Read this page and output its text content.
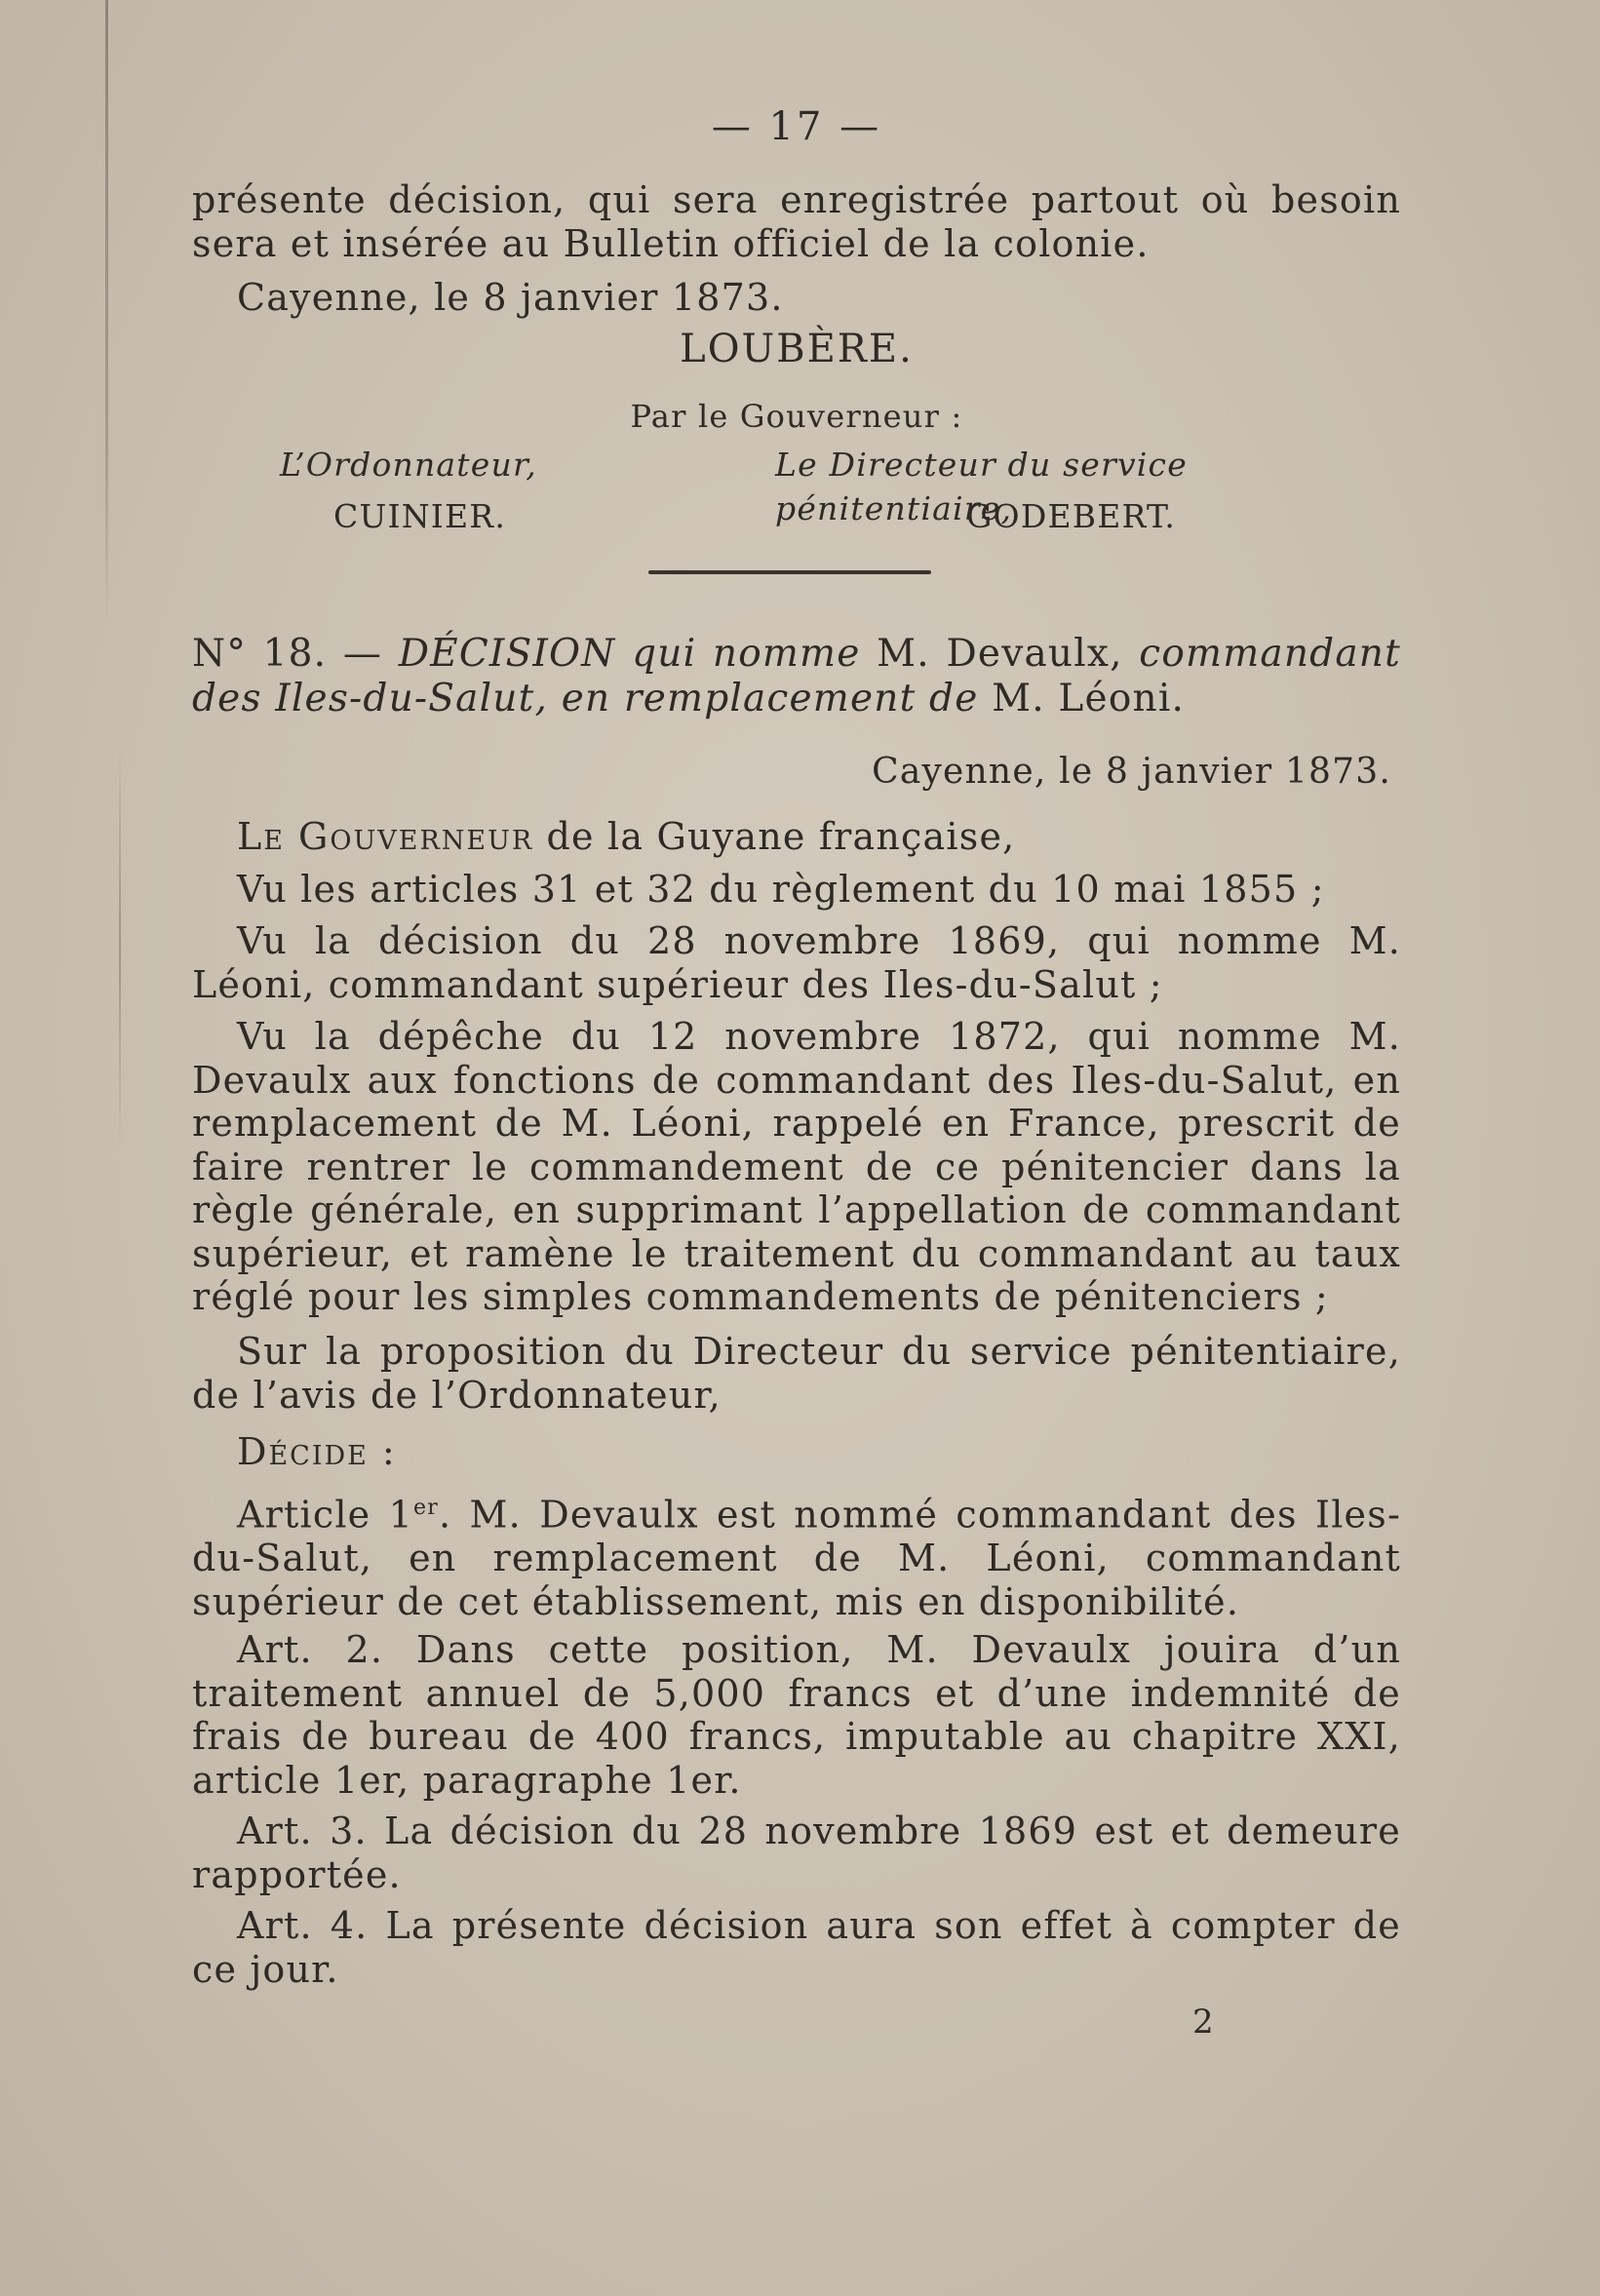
— 17 —
présente décision, qui sera enregistrée partout où besoin sera et insérée au Bulletin officiel de la colonie.
Cayenne, le 8 janvier 1873.
LOUBÈRE.
Par le Gouverneur :
L’Ordonnateur,
CUINIER.
Le Directeur du service pénitentiaire,
GODEBERT.
N° 18. — DÉCISION qui nomme M. Devaulx, commandant des Iles-du-Salut, en remplacement de M. Léoni.
Cayenne, le 8 janvier 1873.
Le Gouverneur de la Guyane française,
Vu les articles 31 et 32 du règlement du 10 mai 1855 ;
Vu la décision du 28 novembre 1869, qui nomme M. Léoni, commandant supérieur des Iles-du-Salut ;
Vu la dépêche du 12 novembre 1872, qui nomme M. Devaulx aux fonctions de commandant des Iles-du-Salut, en remplacement de M. Léoni, rappelé en France, prescrit de faire rentrer le commandement de ce pénitencier dans la règle générale, en supprimant l’appellation de commandant supérieur, et ramène le traitement du commandant au taux réglé pour les simples commandements de pénitenciers ;
Sur la proposition du Directeur du service pénitentiaire, de l’avis de l’Ordonnateur,
Décide :
Article 1er. M. Devaulx est nommé commandant des Iles-du-Salut, en remplacement de M. Léoni, commandant supérieur de cet établissement, mis en disponibilité.
Art. 2. Dans cette position, M. Devaulx jouira d’un traitement annuel de 5,000 francs et d’une indemnité de frais de bureau de 400 francs, imputable au chapitre XXI, article 1er, paragraphe 1er.
Art. 3. La décision du 28 novembre 1869 est et demeure rapportée.
Art. 4. La présente décision aura son effet à compter de ce jour.
2
